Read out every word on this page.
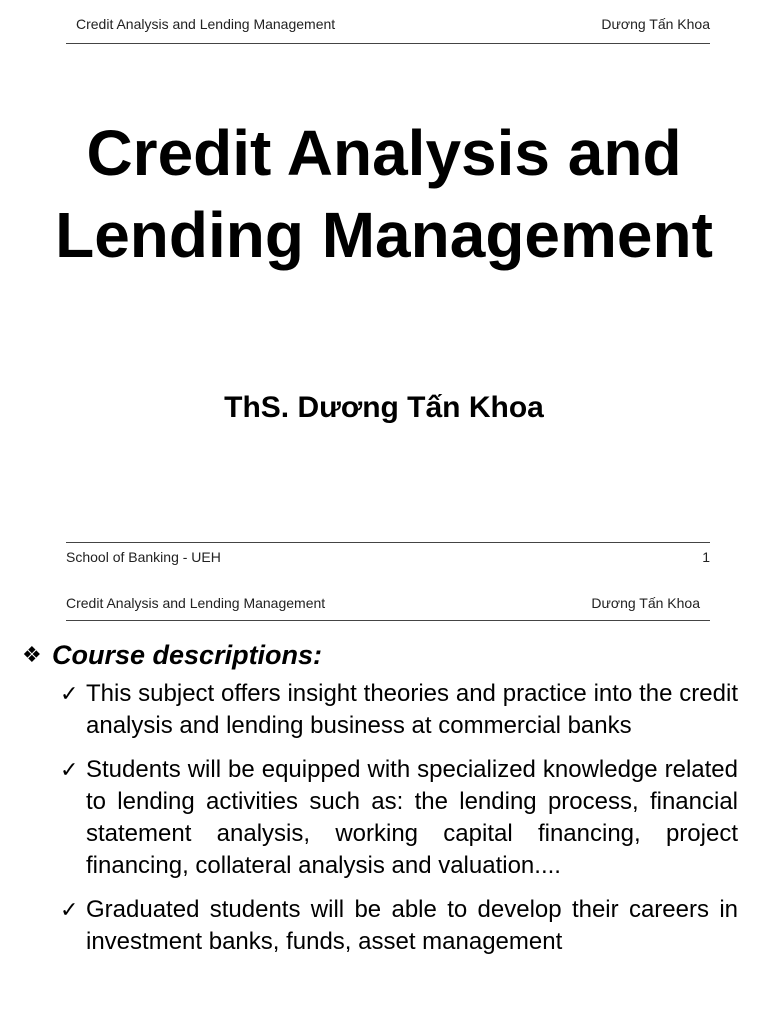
Credit Analysis and Lending Management	Dương Tấn Khoa
Credit Analysis and
Lending Management
ThS. Dương Tấn Khoa
School of Banking - UEH	1
Credit Analysis and Lending Management	Dương Tấn Khoa
❖ Course descriptions:
✓ This subject offers insight theories and practice into the credit analysis and lending business at commercial banks
✓ Students will be equipped with specialized knowledge related to lending activities such as: the lending process, financial statement analysis, working capital financing, project financing, collateral analysis and valuation....
✓ Graduated students will be able to develop their careers in investment banks, funds, asset management
